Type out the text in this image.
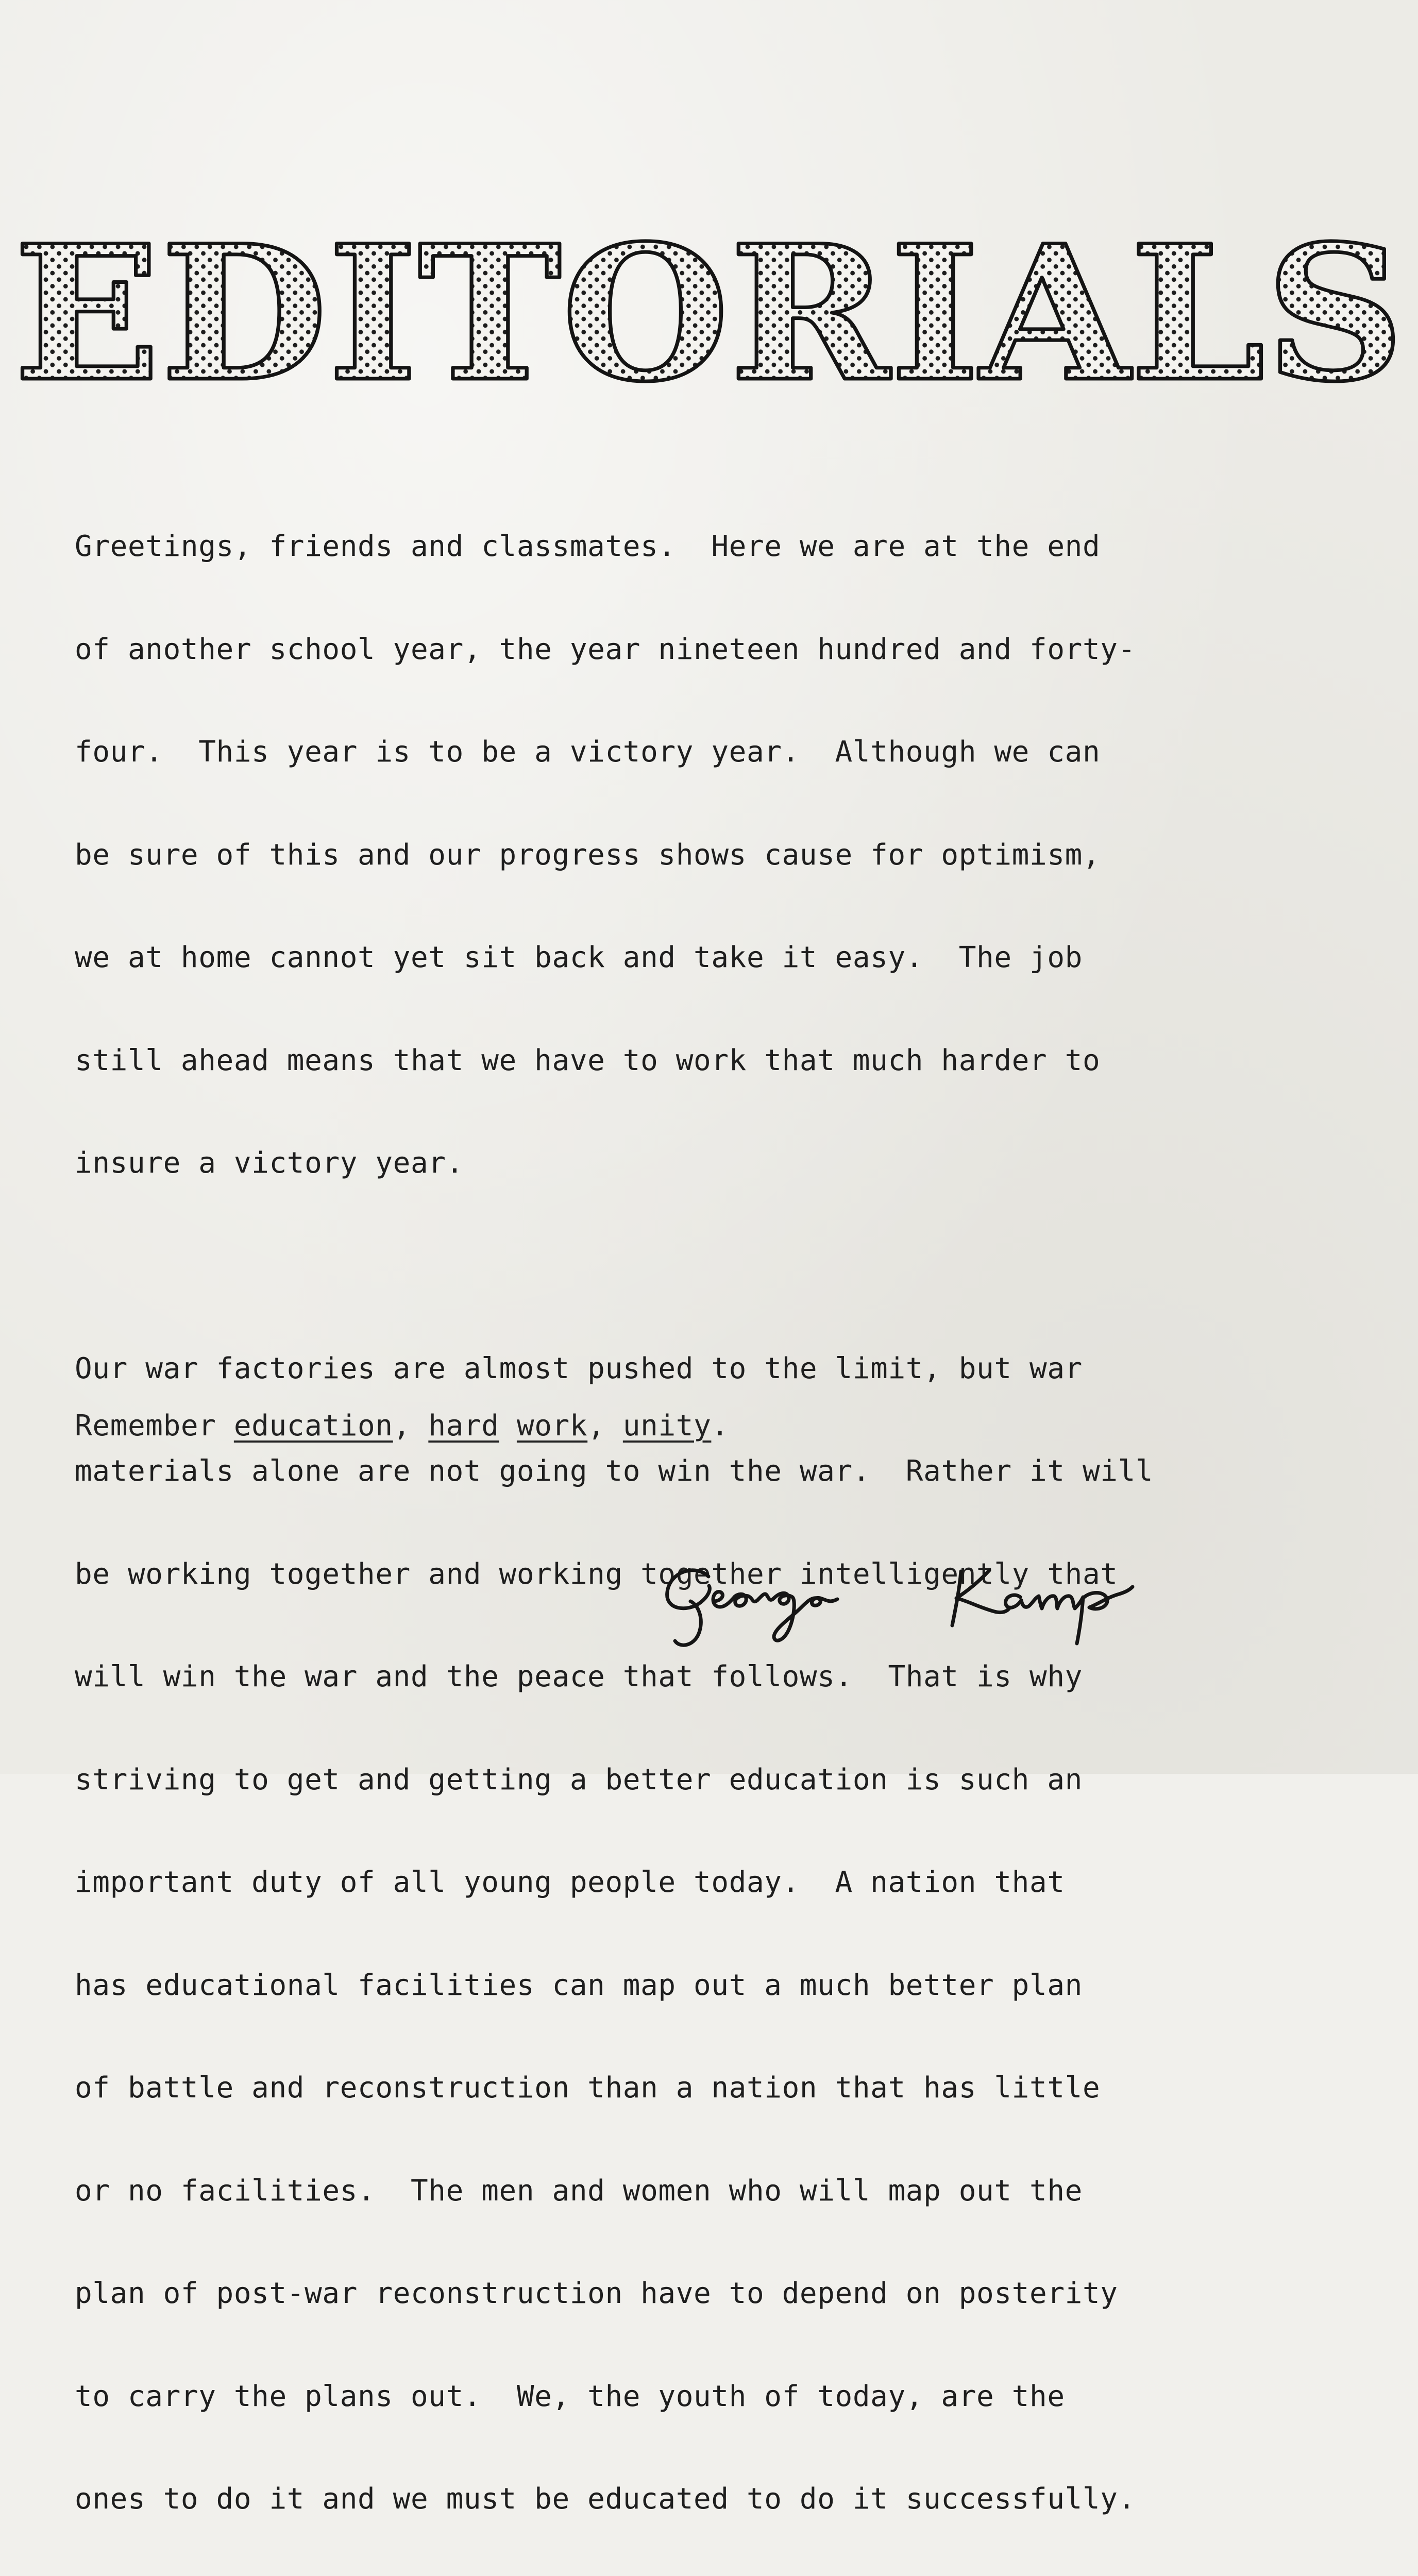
EDITORIALS

Greetings, friends and classmates.  Here we are at the end

of another school year, the year nineteen hundred and forty-

four.  This year is to be a victory year.  Although we can

be sure of this and our progress shows cause for optimism,

we at home cannot yet sit back and take it easy.  The job

still ahead means that we have to work that much harder to

insure a victory year.

Our war factories are almost pushed to the limit, but war

materials alone are not going to win the war.  Rather it will

be working together and working together intelligently that

will win the war and the peace that follows.  That is why

striving to get and getting a better education is such an

important duty of all young people today.  A nation that

has educational facilities can map out a much better plan

of battle and reconstruction than a nation that has little

or no facilities.  The men and women who will map out the

plan of post-war reconstruction have to depend on posterity

to carry the plans out.  We, the youth of today, are the

ones to do it and we must be educated to do it successfully.

Remember education, hard work, unity.
George Kamp
